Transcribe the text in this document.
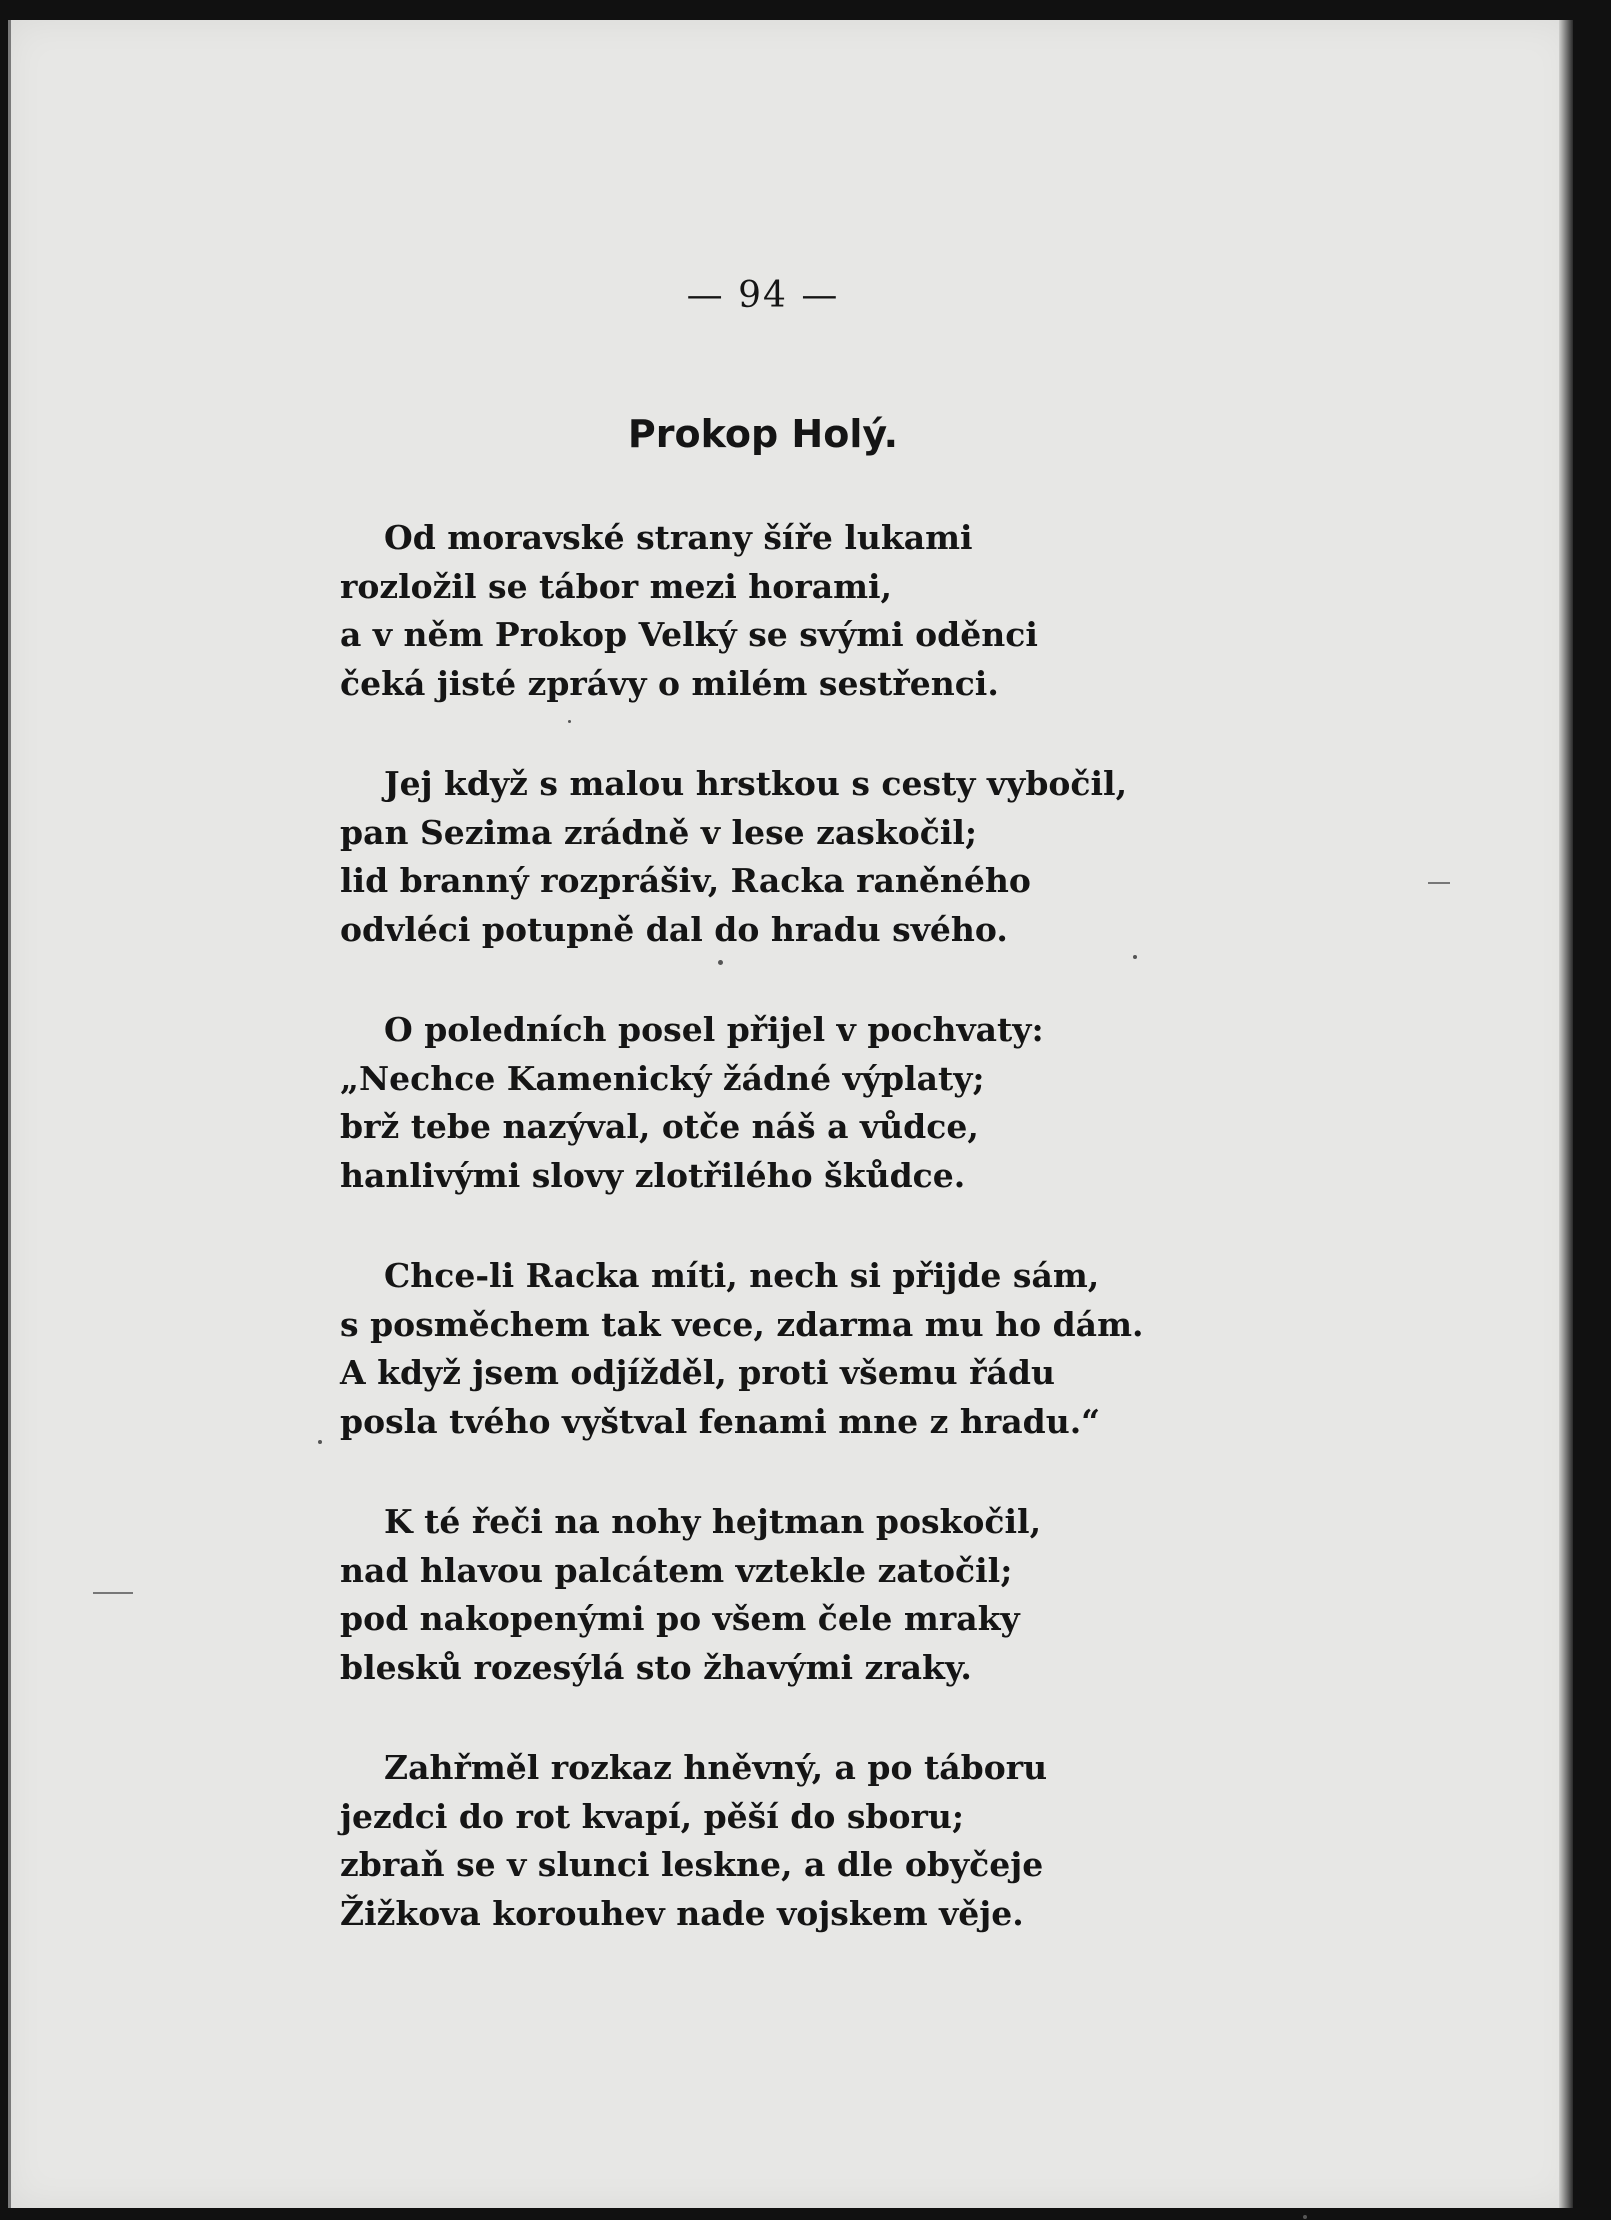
— 94 —
Prokop Holý.
Od moravské strany šíře lukami
rozložil se tábor mezi horami,
a v něm Prokop Velký se svými oděnci
čeká jisté zprávy o milém sestřenci.
Jej když s malou hrstkou s cesty vybočil,
pan Sezima zrádně v lese zaskočil;
lid branný rozprášiv, Racka raněného
odvléci potupně dal do hradu svého.
O poledních posel přijel v pochvaty:
„Nechce Kamenický žádné výplaty;
brž tebe nazýval, otče náš a vůdce,
hanlivými slovy zlotřilého škůdce.
Chce-li Racka míti, nech si přijde sám,
s posměchem tak vece, zdarma mu ho dám.
A když jsem odjížděl, proti všemu řádu
posla tvého vyštval fenami mne z hradu.“
K té řeči na nohy hejtman poskočil,
nad hlavou palcátem vztekle zatočil;
pod nakopenými po všem čele mraky
blesků rozesýlá sto žhavými zraky.
Zahřměl rozkaz hněvný, a po táboru
jezdci do rot kvapí, pěší do sboru;
zbraň se v slunci leskne, a dle obyčeje
Žižkova korouhev nade vojskem věje.
